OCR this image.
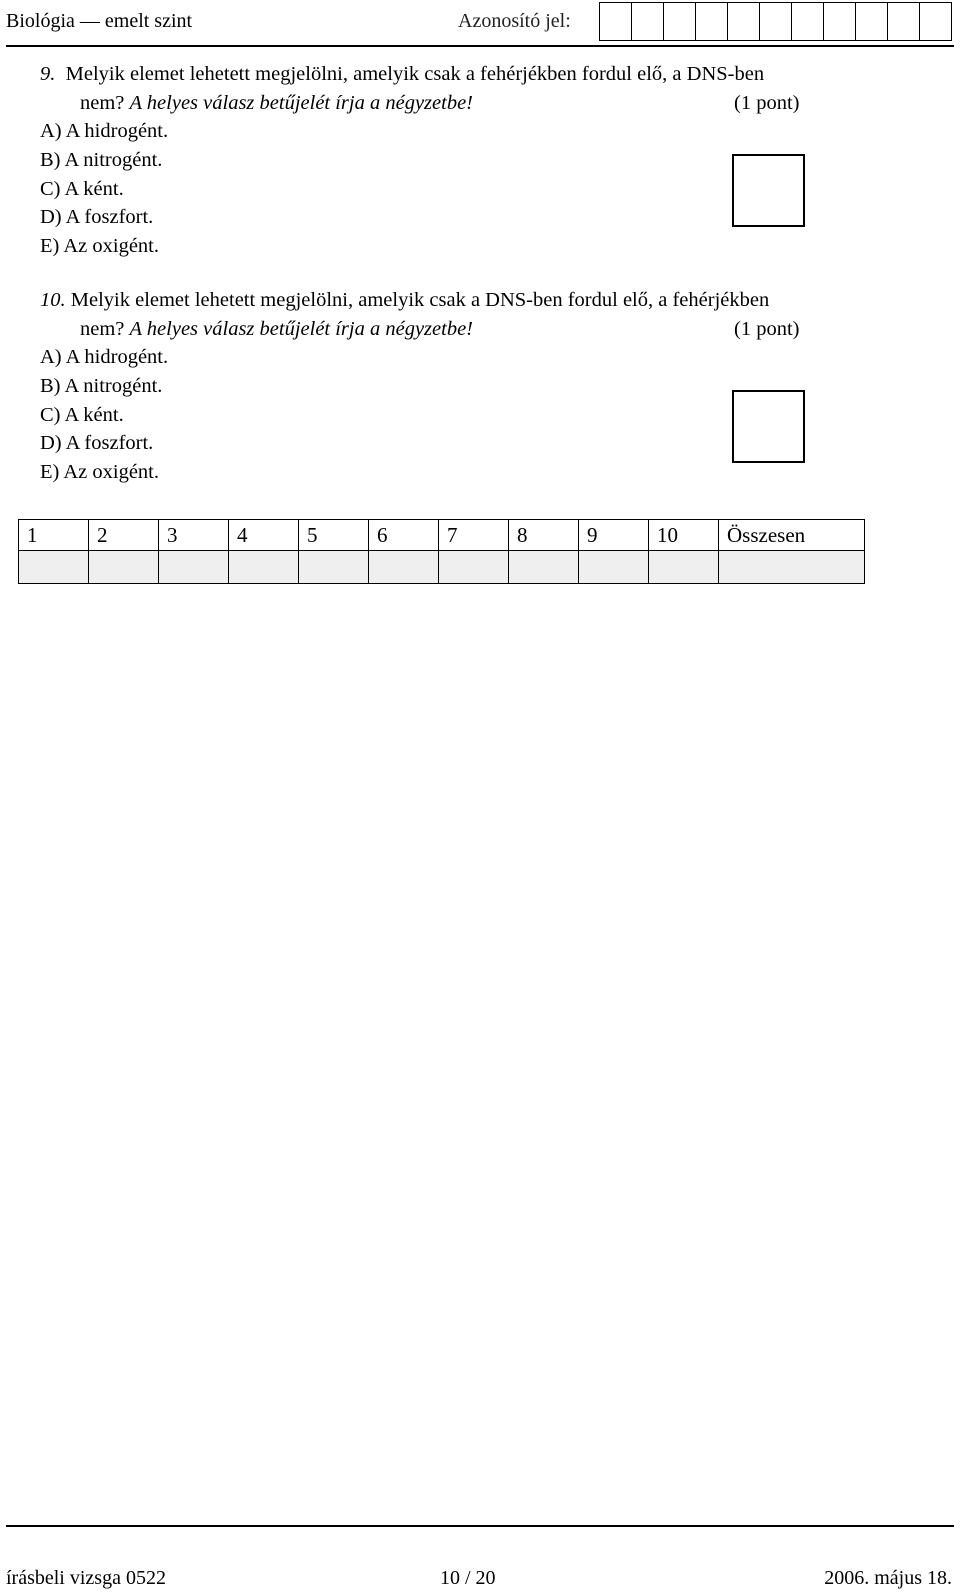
Biológia — emelt szint	Azonosító jel:
9. Melyik elemet lehetett megjelölni, amelyik csak a fehérjékben fordul elő, a DNS-ben
nem? A helyes válasz betűjelét írja a négyzetbe!	(1 pont)
A) A hidrogént.
B) A nitrogént.
C) A ként.
D) A foszfort.
E) Az oxigént.
10. Melyik elemet lehetett megjelölni, amelyik csak a DNS-ben fordul elő, a fehérjékben
nem? A helyes válasz betűjelét írja a négyzetbe!	(1 pont)
A) A hidrogént.
B) A nitrogént.
C) A ként.
D) A foszfort.
E) Az oxigént.
1	2	3	4	5	6	7	8	9	10	Összesen

írásbeli vizsga 0522	10 / 20	2006. május 18.
